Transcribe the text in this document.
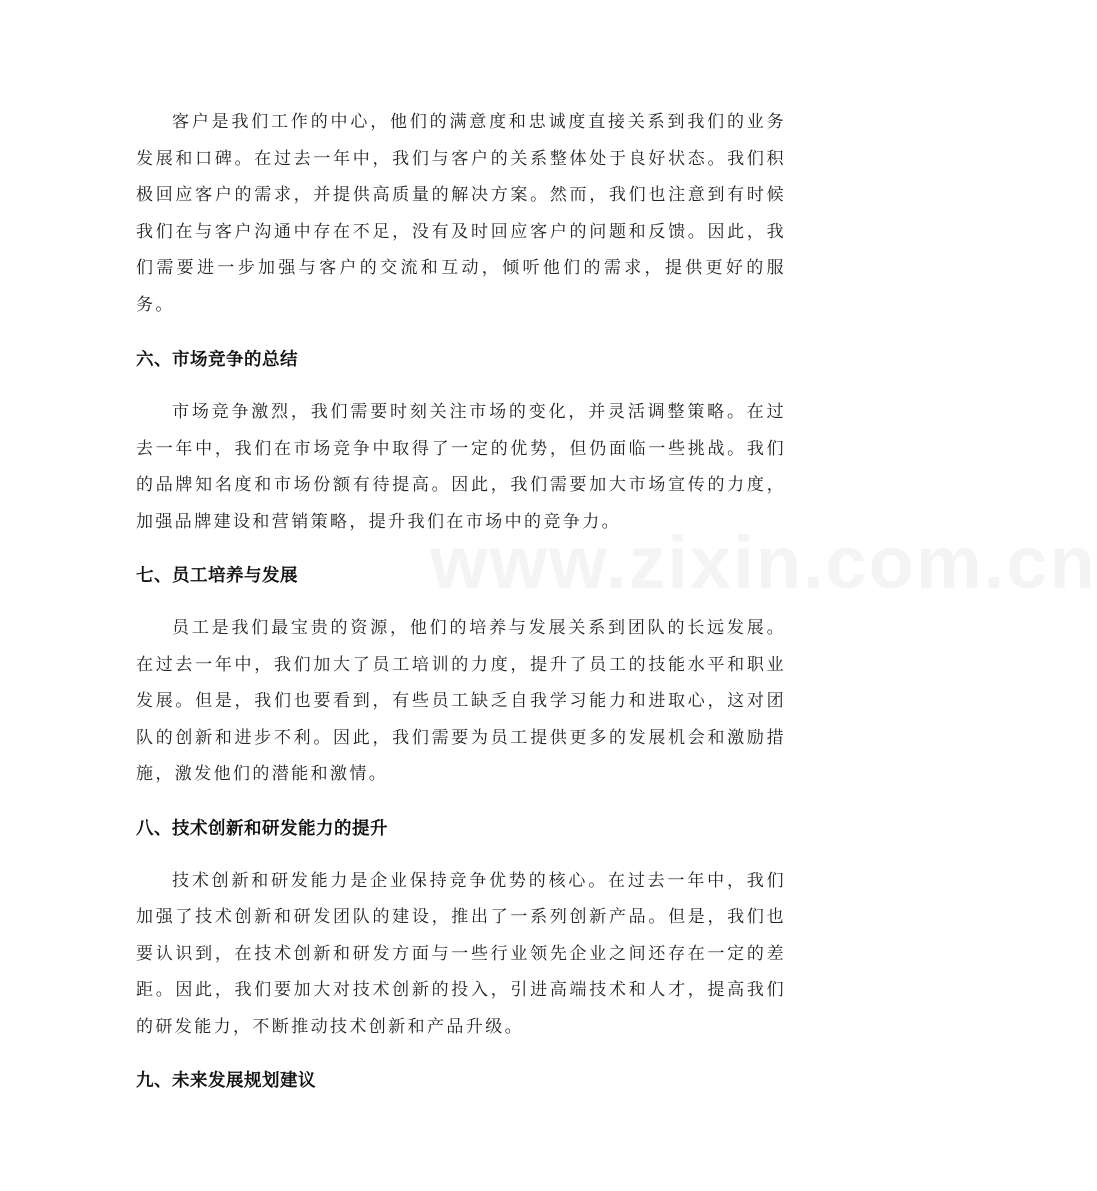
www.zixin.com.cn

客户是我们工作的中心，他们的满意度和忠诚度直接关系到我们的业务发展和口碑。在过去一年中，我们与客户的关系整体处于良好状态。我们积极回应客户的需求，并提供高质量的解决方案。然而，我们也注意到有时候我们在与客户沟通中存在不足，没有及时回应客户的问题和反馈。因此，我们需要进一步加强与客户的交流和互动，倾听他们的需求，提供更好的服务。

六、市场竞争的总结

市场竞争激烈，我们需要时刻关注市场的变化，并灵活调整策略。在过去一年中，我们在市场竞争中取得了一定的优势，但仍面临一些挑战。我们的品牌知名度和市场份额有待提高。因此，我们需要加大市场宣传的力度，加强品牌建设和营销策略，提升我们在市场中的竞争力。

七、员工培养与发展

员工是我们最宝贵的资源，他们的培养与发展关系到团队的长远发展。在过去一年中，我们加大了员工培训的力度，提升了员工的技能水平和职业发展。但是，我们也要看到，有些员工缺乏自我学习能力和进取心，这对团队的创新和进步不利。因此，我们需要为员工提供更多的发展机会和激励措施，激发他们的潜能和激情。

八、技术创新和研发能力的提升

技术创新和研发能力是企业保持竞争优势的核心。在过去一年中，我们加强了技术创新和研发团队的建设，推出了一系列创新产品。但是，我们也要认识到，在技术创新和研发方面与一些行业领先企业之间还存在一定的差距。因此，我们要加大对技术创新的投入，引进高端技术和人才，提高我们的研发能力，不断推动技术创新和产品升级。

九、未来发展规划建议
